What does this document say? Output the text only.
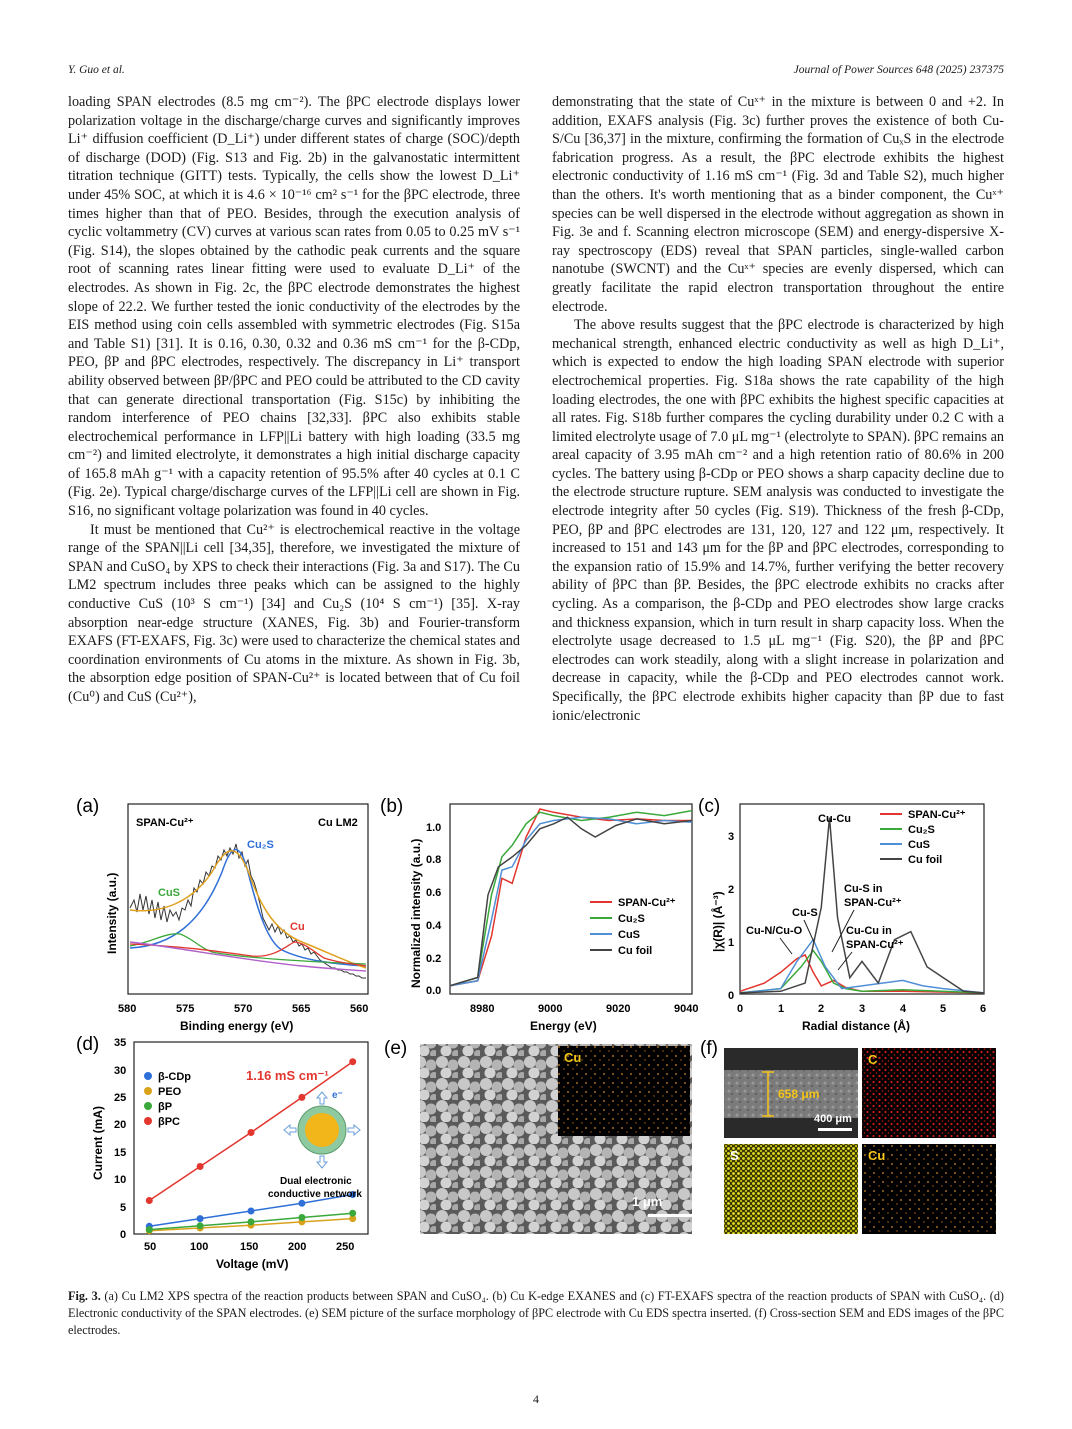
Y. Guo et al.	Journal of Power Sources 648 (2025) 237375

loading SPAN electrodes (8.5 mg cm⁻²). The βPC electrode displays lower polarization voltage in the discharge/charge curves and significantly improves Li⁺ diffusion coefficient (D_Li⁺) under different states of charge (SOC)/depth of discharge (DOD) (Fig. S13 and Fig. 2b) in the galvanostatic intermittent titration technique (GITT) tests. Typically, the cells show the lowest D_Li⁺ under 45% SOC, at which it is 4.6 × 10⁻¹⁶ cm² s⁻¹ for the βPC electrode, three times higher than that of PEO. Besides, through the execution analysis of cyclic voltammetry (CV) curves at various scan rates from 0.05 to 0.25 mV s⁻¹ (Fig. S14), the slopes obtained by the cathodic peak currents and the square root of scanning rates linear fitting were used to evaluate D_Li⁺ of the electrodes. As shown in Fig. 2c, the βPC electrode demonstrates the highest slope of 22.2. We further tested the ionic conductivity of the electrodes by the EIS method using coin cells assembled with symmetric electrodes (Fig. S15a and Table S1) [31]. It is 0.16, 0.30, 0.32 and 0.36 mS cm⁻¹ for the β-CDp, PEO, βP and βPC electrodes, respectively. The discrepancy in Li⁺ transport ability observed between βP/βPC and PEO could be attributed to the CD cavity that can generate directional transportation (Fig. S15c) by inhibiting the random interference of PEO chains [32,33]. βPC also exhibits stable electrochemical performance in LFP||Li battery with high loading (33.5 mg cm⁻²) and limited electrolyte, it demonstrates a high initial discharge capacity of 165.8 mAh g⁻¹ with a capacity retention of 95.5% after 40 cycles at 0.1 C (Fig. 2e). Typical charge/discharge curves of the LFP||Li cell are shown in Fig. S16, no significant voltage polarization was found in 40 cycles.

It must be mentioned that Cu²⁺ is electrochemical reactive in the voltage range of the SPAN||Li cell [34,35], therefore, we investigated the mixture of SPAN and CuSO₄ by XPS to check their interactions (Fig. 3a and S17). The Cu LM2 spectrum includes three peaks which can be assigned to the highly conductive CuS (10³ S cm⁻¹) [34] and Cu₂S (10⁴ S cm⁻¹) [35]. X-ray absorption near-edge structure (XANES, Fig. 3b) and Fourier-transform EXAFS (FT-EXAFS, Fig. 3c) were used to characterize the chemical states and coordination environments of Cu atoms in the mixture. As shown in Fig. 3b, the absorption edge position of SPAN-Cu²⁺ is located between that of Cu foil (Cu⁰) and CuS (Cu²⁺),

demonstrating that the state of Cuˣ⁺ in the mixture is between 0 and +2. In addition, EXAFS analysis (Fig. 3c) further proves the existence of both Cu-S/Cu [36,37] in the mixture, confirming the formation of CuₓS in the electrode fabrication progress. As a result, the βPC electrode exhibits the highest electronic conductivity of 1.16 mS cm⁻¹ (Fig. 3d and Table S2), much higher than the others. It's worth mentioning that as a binder component, the Cuˣ⁺ species can be well dispersed in the electrode without aggregation as shown in Fig. 3e and f. Scanning electron microscope (SEM) and energy-dispersive X-ray spectroscopy (EDS) reveal that SPAN particles, single-walled carbon nanotube (SWCNT) and the Cuˣ⁺ species are evenly dispersed, which can greatly facilitate the rapid electron transportation throughout the entire electrode.

The above results suggest that the βPC electrode is characterized by high mechanical strength, enhanced electric conductivity as well as high D_Li⁺, which is expected to endow the high loading SPAN electrode with superior electrochemical properties. Fig. S18a shows the rate capability of the high loading electrodes, the one with βPC exhibits the highest specific capacities at all rates. Fig. S18b further compares the cycling durability under 0.2 C with a limited electrolyte usage of 7.0 μL mg⁻¹ (electrolyte to SPAN). βPC remains an areal capacity of 3.95 mAh cm⁻² and a high retention ratio of 80.6% in 200 cycles. The battery using β-CDp or PEO shows a sharp capacity decline due to the electrode structure rupture. SEM analysis was conducted to investigate the electrode integrity after 50 cycles (Fig. S19). Thickness of the fresh β-CDp, PEO, βP and βPC electrodes are 131, 120, 127 and 122 μm, respectively. It increased to 151 and 143 μm for the βP and βPC electrodes, corresponding to the expansion ratio of 15.9% and 14.7%, further verifying the better recovery ability of βPC than βP. Besides, the βPC electrode exhibits no cracks after cycling. As a comparison, the β-CDp and PEO electrodes show large cracks and thickness expansion, which in turn result in sharp capacity loss. When the electrolyte usage decreased to 1.5 μL mg⁻¹ (Fig. S20), the βP and βPC electrodes can work steadily, along with a slight increase in polarization and decrease in capacity, while the β-CDp and PEO electrodes cannot work. Specifically, the βPC electrode exhibits higher capacity than βP due to fast ionic/electronic

(a)
SPAN-Cu²⁺	Cu LM2
Cu₂S
CuS
Cu
580	575	570	565	560
Binding energy (eV)
Intensity (a.u.)
(b)
0.0
0.2
0.4
0.6
0.8
1.0
8980	9000	9020	9040
Energy (eV)
Normalized intensity (a.u.)	SPAN-Cu²⁺
Cu₂S
CuS
Cu foil
(c)
0
1
2
3
0	1	2	3	4	5	6
Radial distance (Å)
|χ(R)| (Å⁻³)
Cu-Cu
Cu-S
Cu-N/Cu-O
Cu-S in
SPAN-Cu²⁺
Cu-Cu in
SPAN-Cu²⁺
SPAN-Cu²⁺
Cu₂S
CuS
Cu foil
(d)
0
5
10
15
20
25
30
35
50	100	150	200	250
Voltage (mV)
Current (mA)
β-CDp
PEO
βP
βPC
1.16 mS cm⁻¹
e⁻
Dual electronic
conductive network
(e)	Cu
1 μm
(f)
658 μm
400 μm
C
S	Cu
Fig. 3. (a) Cu LM2 XPS spectra of the reaction products between SPAN and CuSO₄. (b) Cu K-edge EXANES and (c) FT-EXAFS spectra of the reaction products of SPAN with CuSO₄. (d) Electronic conductivity of the SPAN electrodes. (e) SEM picture of the surface morphology of βPC electrode with Cu EDS spectra inserted. (f) Cross-section SEM and EDS images of the βPC electrodes.
4
